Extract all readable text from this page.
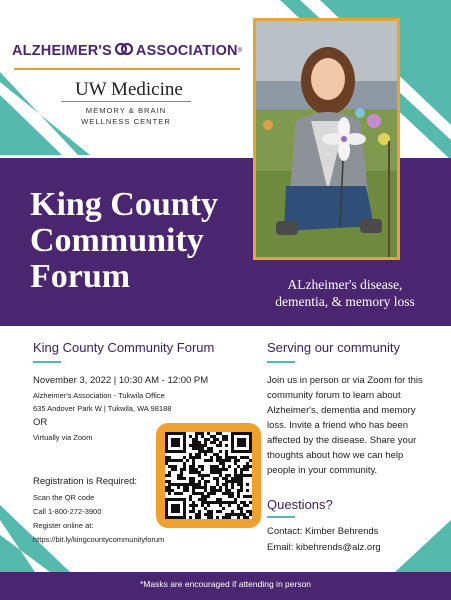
ALZHEIMER'S ASSOCIATION ®
UW Medicine
MEMORY & BRAIN
WELLNESS CENTER
King County
Community
Forum	ALzheimer's disease,
dementia, & memory loss
King County Community Forum
November 3, 2022 | 10:30 AM - 12:00 PM
Alzheimer's Association - Tukwila Office
635 Andover Park W | Tukwila, WA 98188
OR
Virtually via Zoom
Registration is Required:
Scan the QR code
Call 1-800-272-3900
Register online at:
https://bit.ly/kingcountycommunityforum
Serving our community
Join us in person or via Zoom for this
community forum to learn about
Alzheimer's, dementia and memory
loss. Invite a friend who has been
affected by the disease. Share your
thoughts about how we can help
people in your community.
Questions?
Contact: Kimber Behrends
Email: kibehrends@alz.org
*Masks are encouraged if attending in person
